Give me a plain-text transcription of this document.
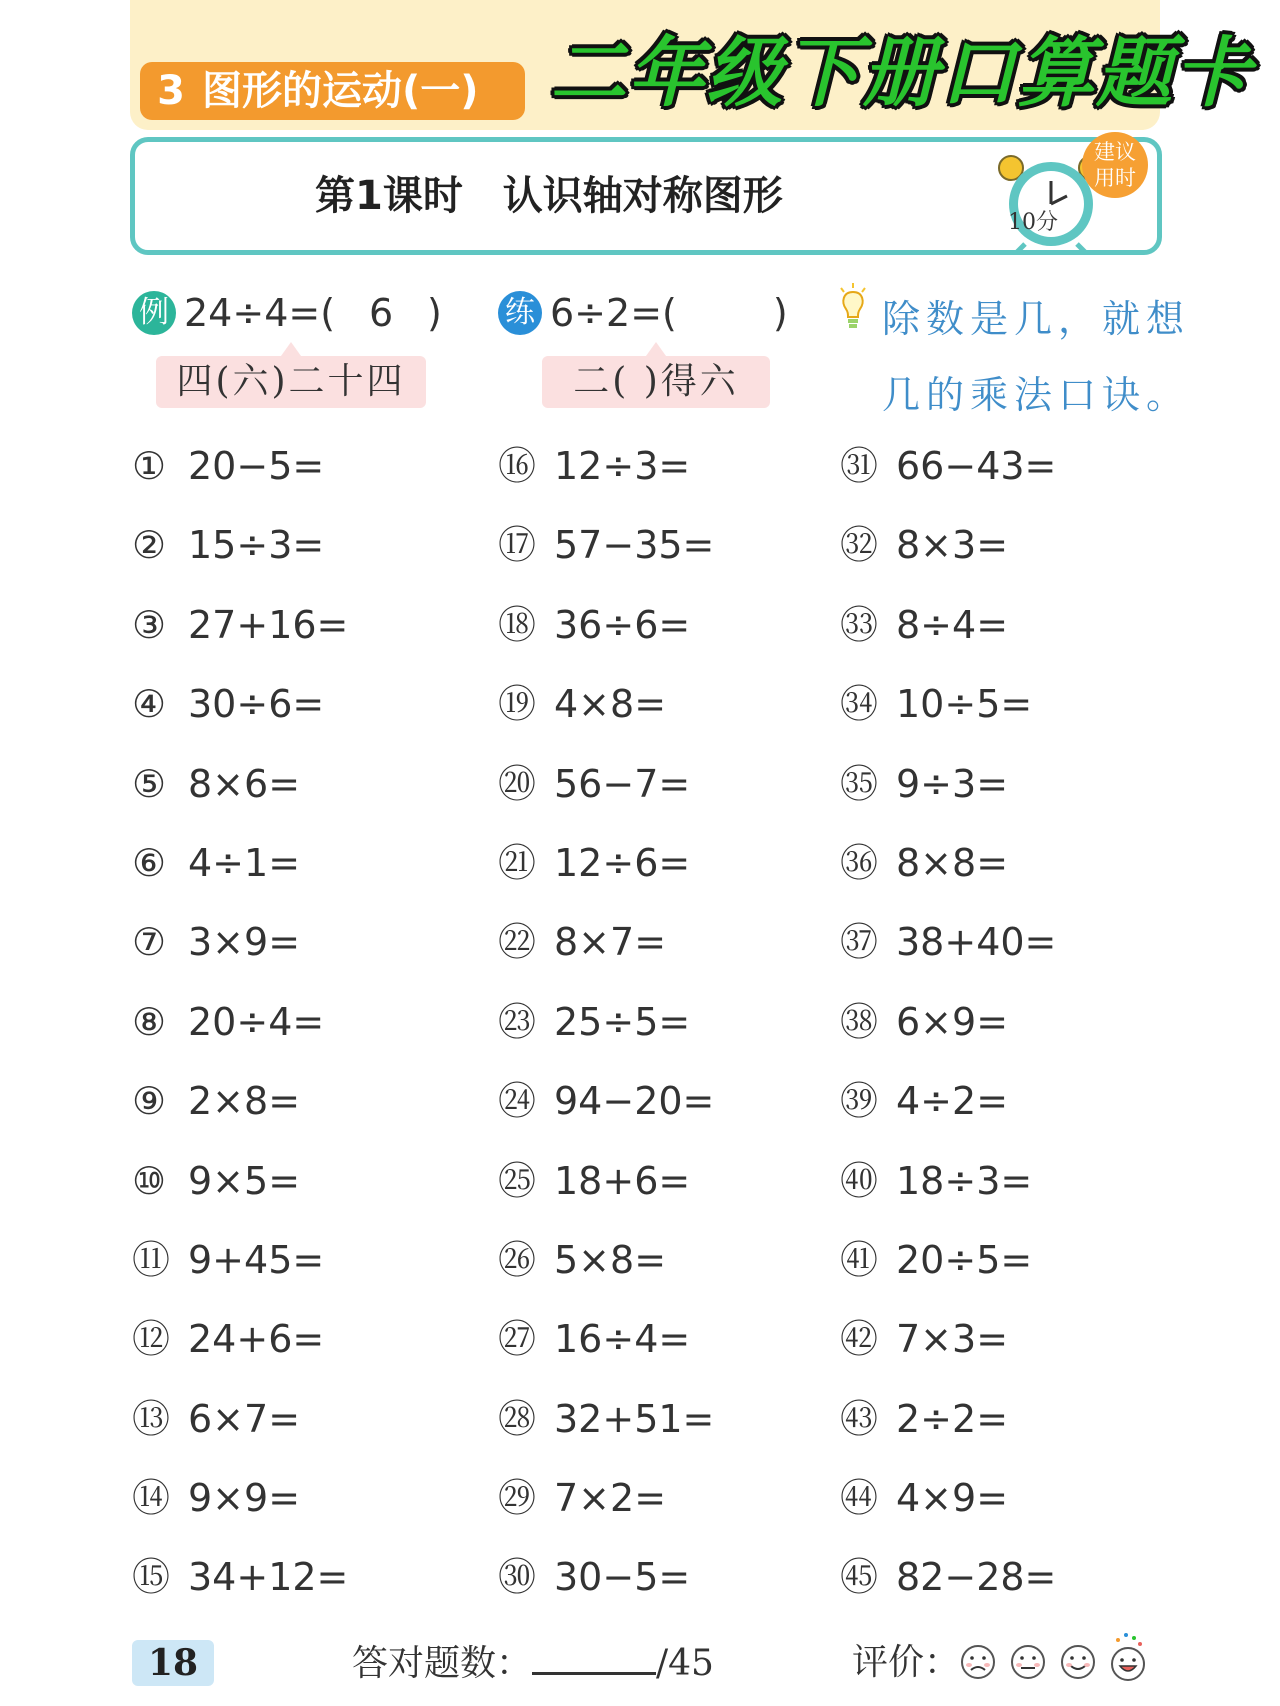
3 图形的运动(一) 二年级下册口算题卡
第1课时 认识轴对称图形
建议
用时
10分
例 24÷4=( 6 )
四(六)二十四
练 6÷2=(	)
二( )得六
除数是几，就想
几的乘法口诀。
① 20−5=
② 15÷3=
③ 27+16=
④ 30÷6=
⑤ 8×6=
⑥ 4÷1=
⑦ 3×9=
⑧ 20÷4=
⑨ 2×8=
⑩ 9×5=
⑪ 9+45=
⑫ 24+6=
⑬ 6×7=
⑭ 9×9=
⑮ 34+12=
⑯ 12÷3=
⑰ 57−35=
⑱ 36÷6=
⑲ 4×8=
⑳ 56−7=
㉑ 12÷6=
㉒ 8×7=
㉓ 25÷5=
㉔ 94−20=
㉕ 18+6=
㉖ 5×8=
㉗ 16÷4=
㉘ 32+51=
㉙ 7×2=
㉚ 30−5=
㉛ 66−43=
㉜ 8×3=
㉝ 8÷4=
㉞ 10÷5=
㉟ 9÷3=
㊱ 8×8=
㊲ 38+40=
㊳ 6×9=
㊴ 4÷2=
㊵ 18÷3=
㊶ 20÷5=
㊷ 7×3=
㊸ 2÷2=
㊹ 4×9=
㊺ 82−28=
18	答对题数：	/45	评价：
